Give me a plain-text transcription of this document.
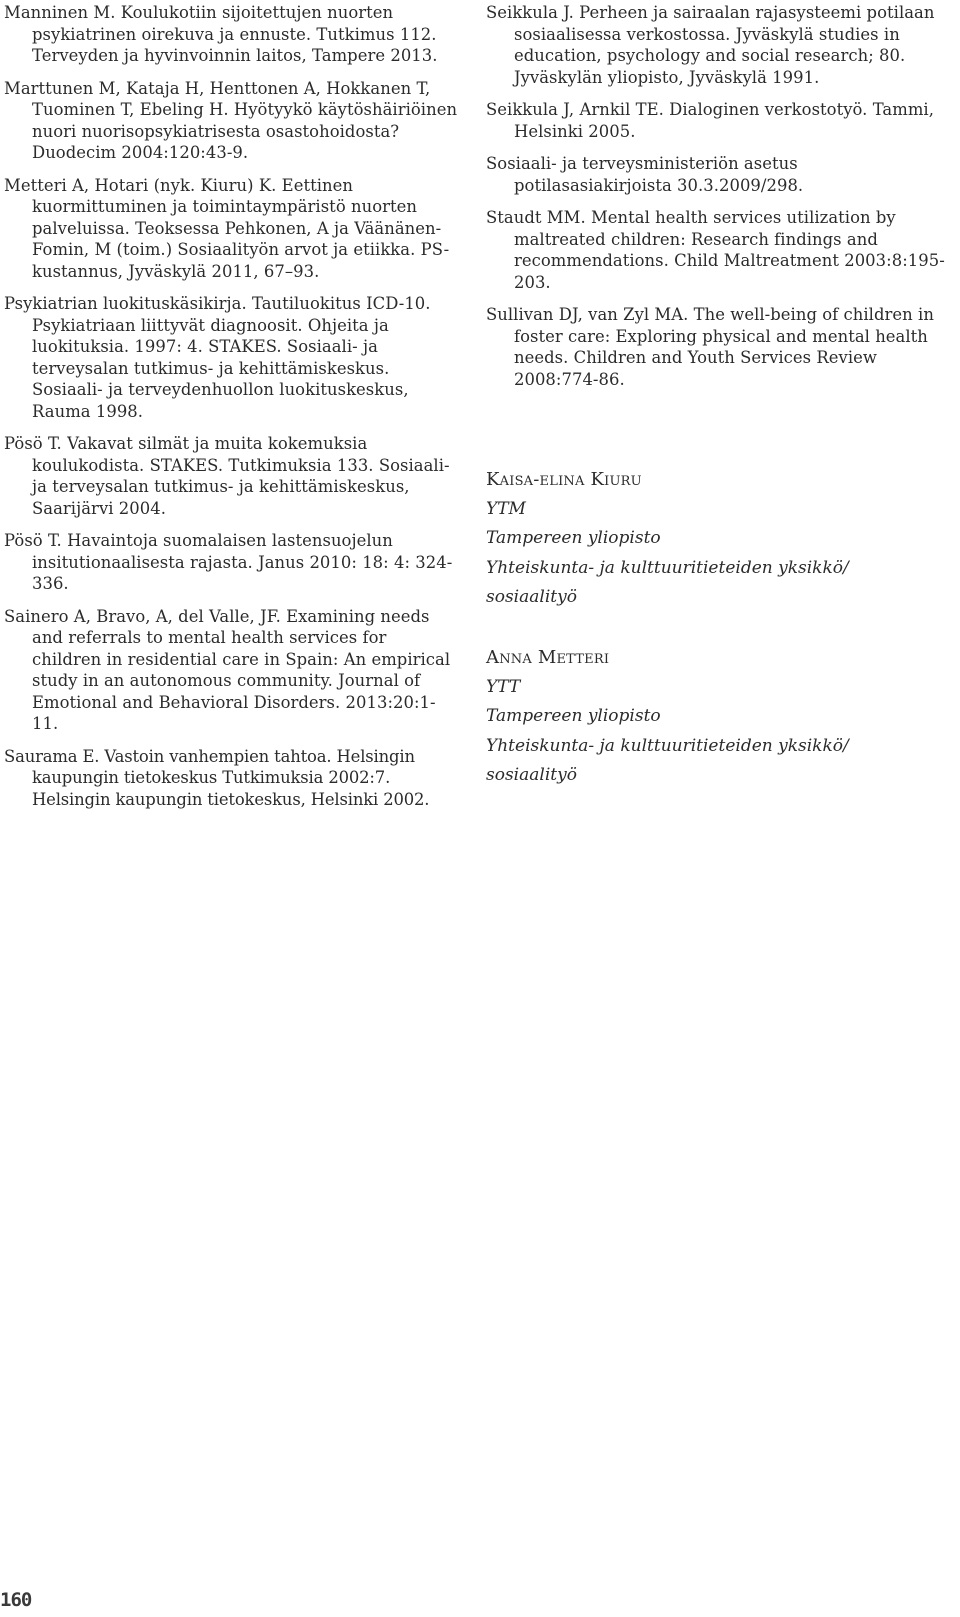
Manninen M. Koulukotiin sijoitettujen nuorten psykiatrinen oirekuva ja ennuste. Tutkimus 112. Terveyden ja hyvinvoinnin laitos, Tampere 2013.

Marttunen M, Kataja H, Henttonen A, Hokkanen T, Tuominen T, Ebeling H. Hyötyykö käytöshäiriöinen nuori nuorisopsykiatrisesta osastohoidosta? Duodecim 2004:120:43-9.

Metteri A, Hotari (nyk. Kiuru) K. Eettinen kuormittuminen ja toimintaympäristö nuorten palveluissa. Teoksessa Pehkonen, A ja Väänänen-Fomin, M (toim.) Sosiaalityön arvot ja etiikka. PS-kustannus, Jyväskylä 2011, 67–93.

Psykiatrian luokituskäsikirja. Tautiluokitus ICD-10. Psykiatriaan liittyvät diagnoosit. Ohjeita ja luokituksia. 1997: 4. STAKES. Sosiaali- ja terveysalan tutkimus- ja kehittämiskeskus. Sosiaali- ja terveydenhuollon luokituskeskus, Rauma 1998.

Pösö T. Vakavat silmät ja muita kokemuksia koulukodista. STAKES. Tutkimuksia 133. Sosiaali- ja terveysalan tutkimus- ja kehittämiskeskus, Saarijärvi 2004.

Pösö T. Havaintoja suomalaisen lastensuojelun insitutionaalisesta rajasta. Janus 2010: 18: 4: 324-336.

Sainero A, Bravo, A, del Valle, JF. Examining needs and referrals to mental health services for children in residential care in Spain: An empirical study in an autonomous community. Journal of Emotional and Behavioral Disorders. 2013:20:1-11.

Saurama E. Vastoin vanhempien tahtoa. Helsingin kaupungin tietokeskus Tutkimuksia 2002:7. Helsingin kaupungin tietokeskus, Helsinki 2002.

Seikkula J. Perheen ja sairaalan rajasysteemi potilaan sosiaalisessa verkostossa. Jyväskylä studies in education, psychology and social research; 80. Jyväskylän yliopisto, Jyväskylä 1991.

Seikkula J, Arnkil TE. Dialoginen verkostotyö. Tammi, Helsinki 2005.

Sosiaali- ja terveysministeriön asetus potilasasiakirjoista 30.3.2009/298.

Staudt MM. Mental health services utilization by maltreated children: Research findings and recommendations. Child Maltreatment 2003:8:195-203.

Sullivan DJ, van Zyl MA. The well-being of children in foster care: Exploring physical and mental health needs. Children and Youth Services Review 2008:774-86.

Kaisa-elina Kiuru
YTM
Tampereen yliopisto
Yhteiskunta- ja kulttuuritieteiden yksikkö/
sosiaalityö
Anna Metteri
YTT
Tampereen yliopisto
Yhteiskunta- ja kulttuuritieteiden yksikkö/
sosiaalityö
160
